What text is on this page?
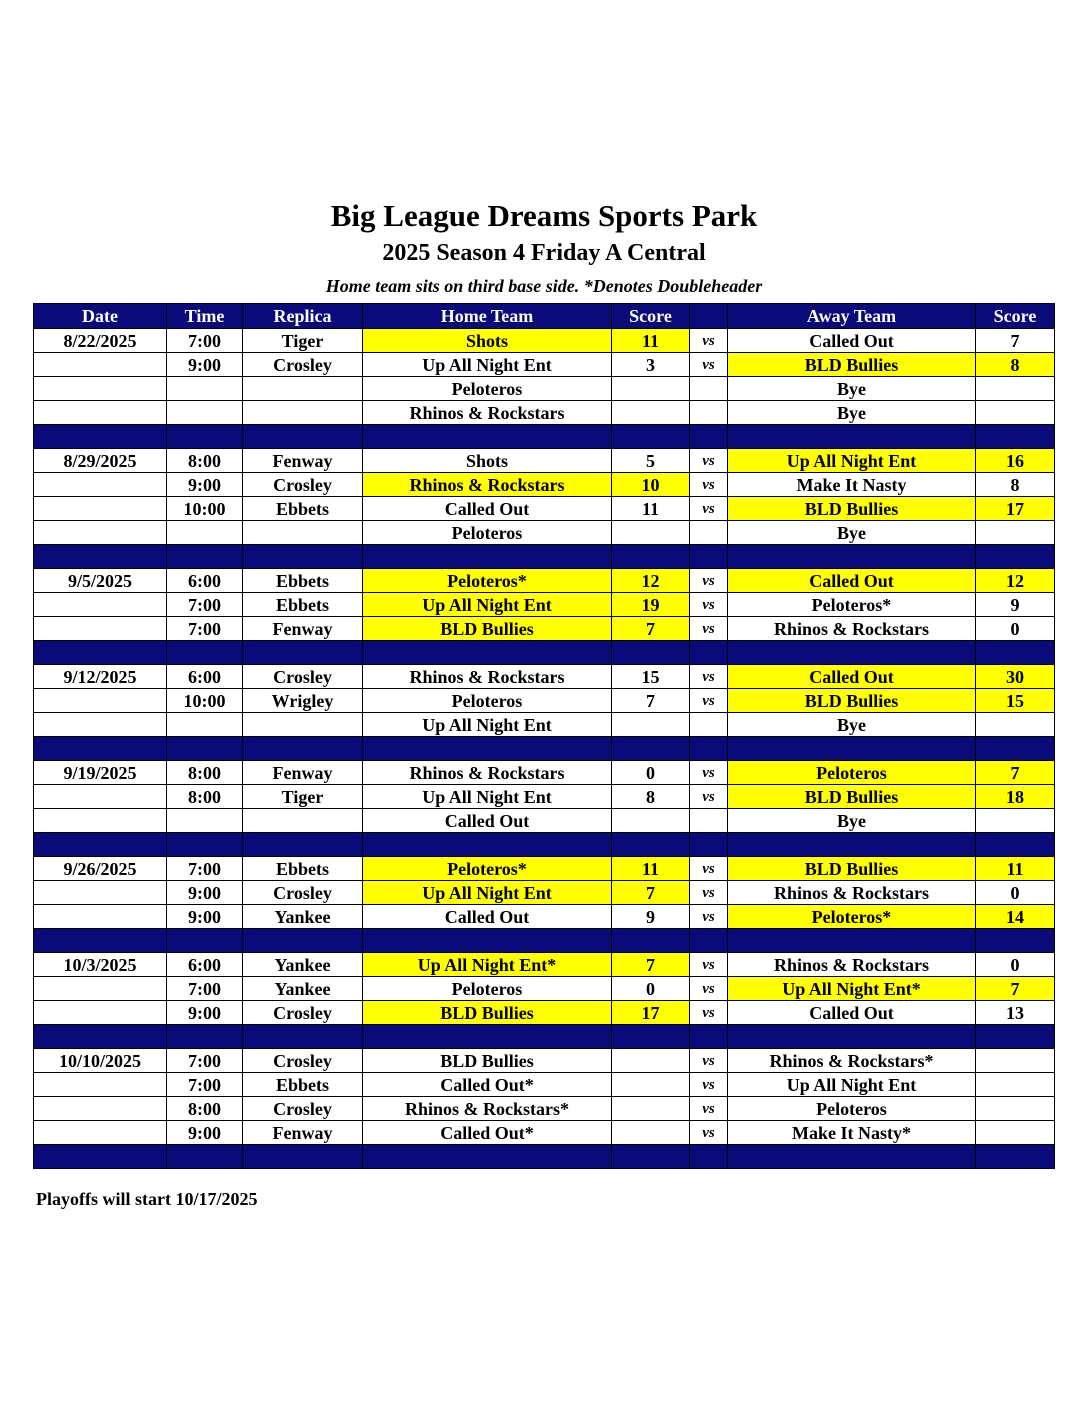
Big League Dreams Sports Park
2025 Season 4 Friday A Central
Home team sits on third base side. *Denotes Doubleheader
Date	Time	Replica	Home Team	Score		Away Team	Score
8/22/2025	7:00	Tiger	Shots	11	vs	Called Out	7
	9:00	Crosley	Up All Night Ent	3	vs	BLD Bullies	8
			Peloteros			Bye	
			Rhinos & Rockstars			Bye	

8/29/2025	8:00	Fenway	Shots	5	vs	Up All Night Ent	16
	9:00	Crosley	Rhinos & Rockstars	10	vs	Make It Nasty	8
	10:00	Ebbets	Called Out	11	vs	BLD Bullies	17
			Peloteros			Bye	

9/5/2025	6:00	Ebbets	Peloteros*	12	vs	Called Out	12
	7:00	Ebbets	Up All Night Ent	19	vs	Peloteros*	9
	7:00	Fenway	BLD Bullies	7	vs	Rhinos & Rockstars	0

9/12/2025	6:00	Crosley	Rhinos & Rockstars	15	vs	Called Out	30
	10:00	Wrigley	Peloteros	7	vs	BLD Bullies	15
			Up All Night Ent			Bye	

9/19/2025	8:00	Fenway	Rhinos & Rockstars	0	vs	Peloteros	7
	8:00	Tiger	Up All Night Ent	8	vs	BLD Bullies	18
			Called Out			Bye	

9/26/2025	7:00	Ebbets	Peloteros*	11	vs	BLD Bullies	11
	9:00	Crosley	Up All Night Ent	7	vs	Rhinos & Rockstars	0
	9:00	Yankee	Called Out	9	vs	Peloteros*	14

10/3/2025	6:00	Yankee	Up All Night Ent*	7	vs	Rhinos & Rockstars	0
	7:00	Yankee	Peloteros	0	vs	Up All Night Ent*	7
	9:00	Crosley	BLD Bullies	17	vs	Called Out	13

10/10/2025	7:00	Crosley	BLD Bullies		vs	Rhinos & Rockstars*	
	7:00	Ebbets	Called Out*		vs	Up All Night Ent	
	8:00	Crosley	Rhinos & Rockstars*		vs	Peloteros	
	9:00	Fenway	Called Out*		vs	Make It Nasty*	

Playoffs will start 10/17/2025
